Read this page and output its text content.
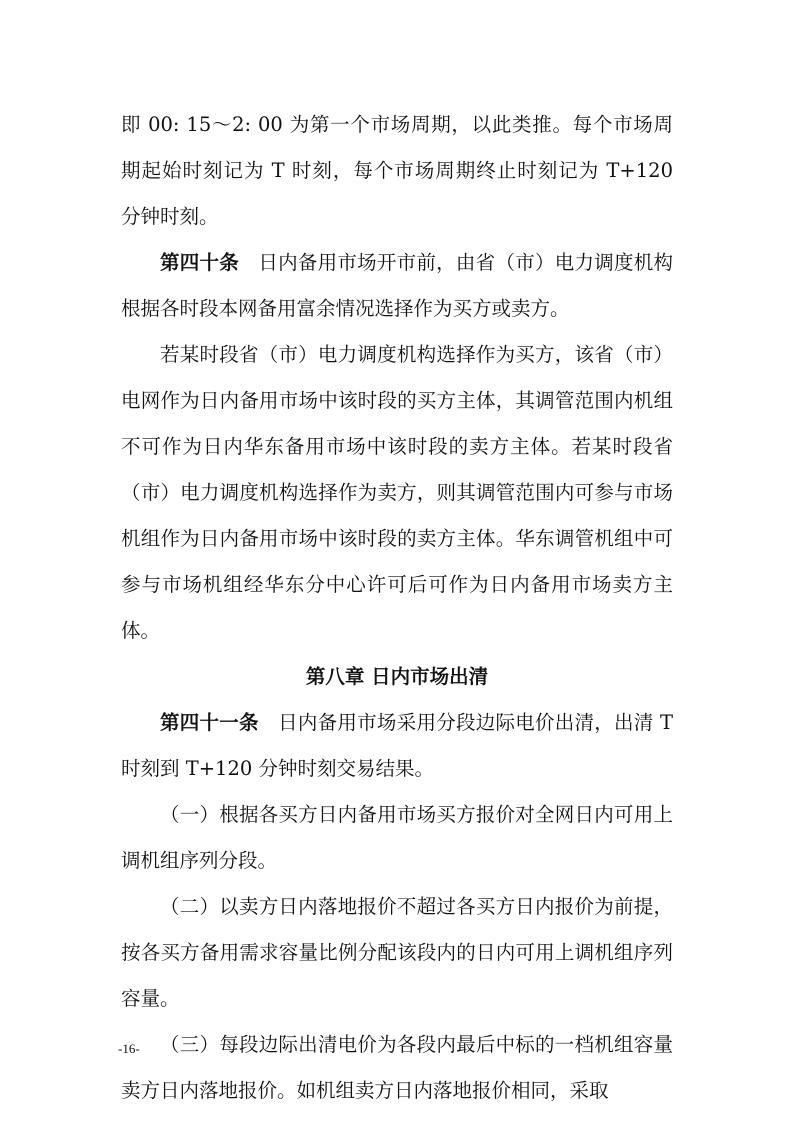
即 00: 15～2: 00 为第一个市场周期，以此类推。每个市场周期起始时刻记为 T 时刻，每个市场周期终止时刻记为 T+120 分钟时刻。

第四十条 日内备用市场开市前，由省（市）电力调度机构根据各时段本网备用富余情况选择作为买方或卖方。

若某时段省（市）电力调度机构选择作为买方，该省（市）电网作为日内备用市场中该时段的买方主体，其调管范围内机组不可作为日内华东备用市场中该时段的卖方主体。若某时段省（市）电力调度机构选择作为卖方，则其调管范围内可参与市场机组作为日内备用市场中该时段的卖方主体。华东调管机组中可参与市场机组经华东分中心许可后可作为日内备用市场卖方主体。

第八章 日内市场出清

第四十一条 日内备用市场采用分段边际电价出清，出清 T 时刻到 T+120 分钟时刻交易结果。

（一）根据各买方日内备用市场买方报价对全网日内可用上调机组序列分段。

（二）以卖方日内落地报价不超过各买方日内报价为前提，按各买方备用需求容量比例分配该段内的日内可用上调机组序列容量。

（三）每段边际出清电价为各段内最后中标的一档机组容量卖方日内落地报价。如机组卖方日内落地报价相同，采取

-16-
